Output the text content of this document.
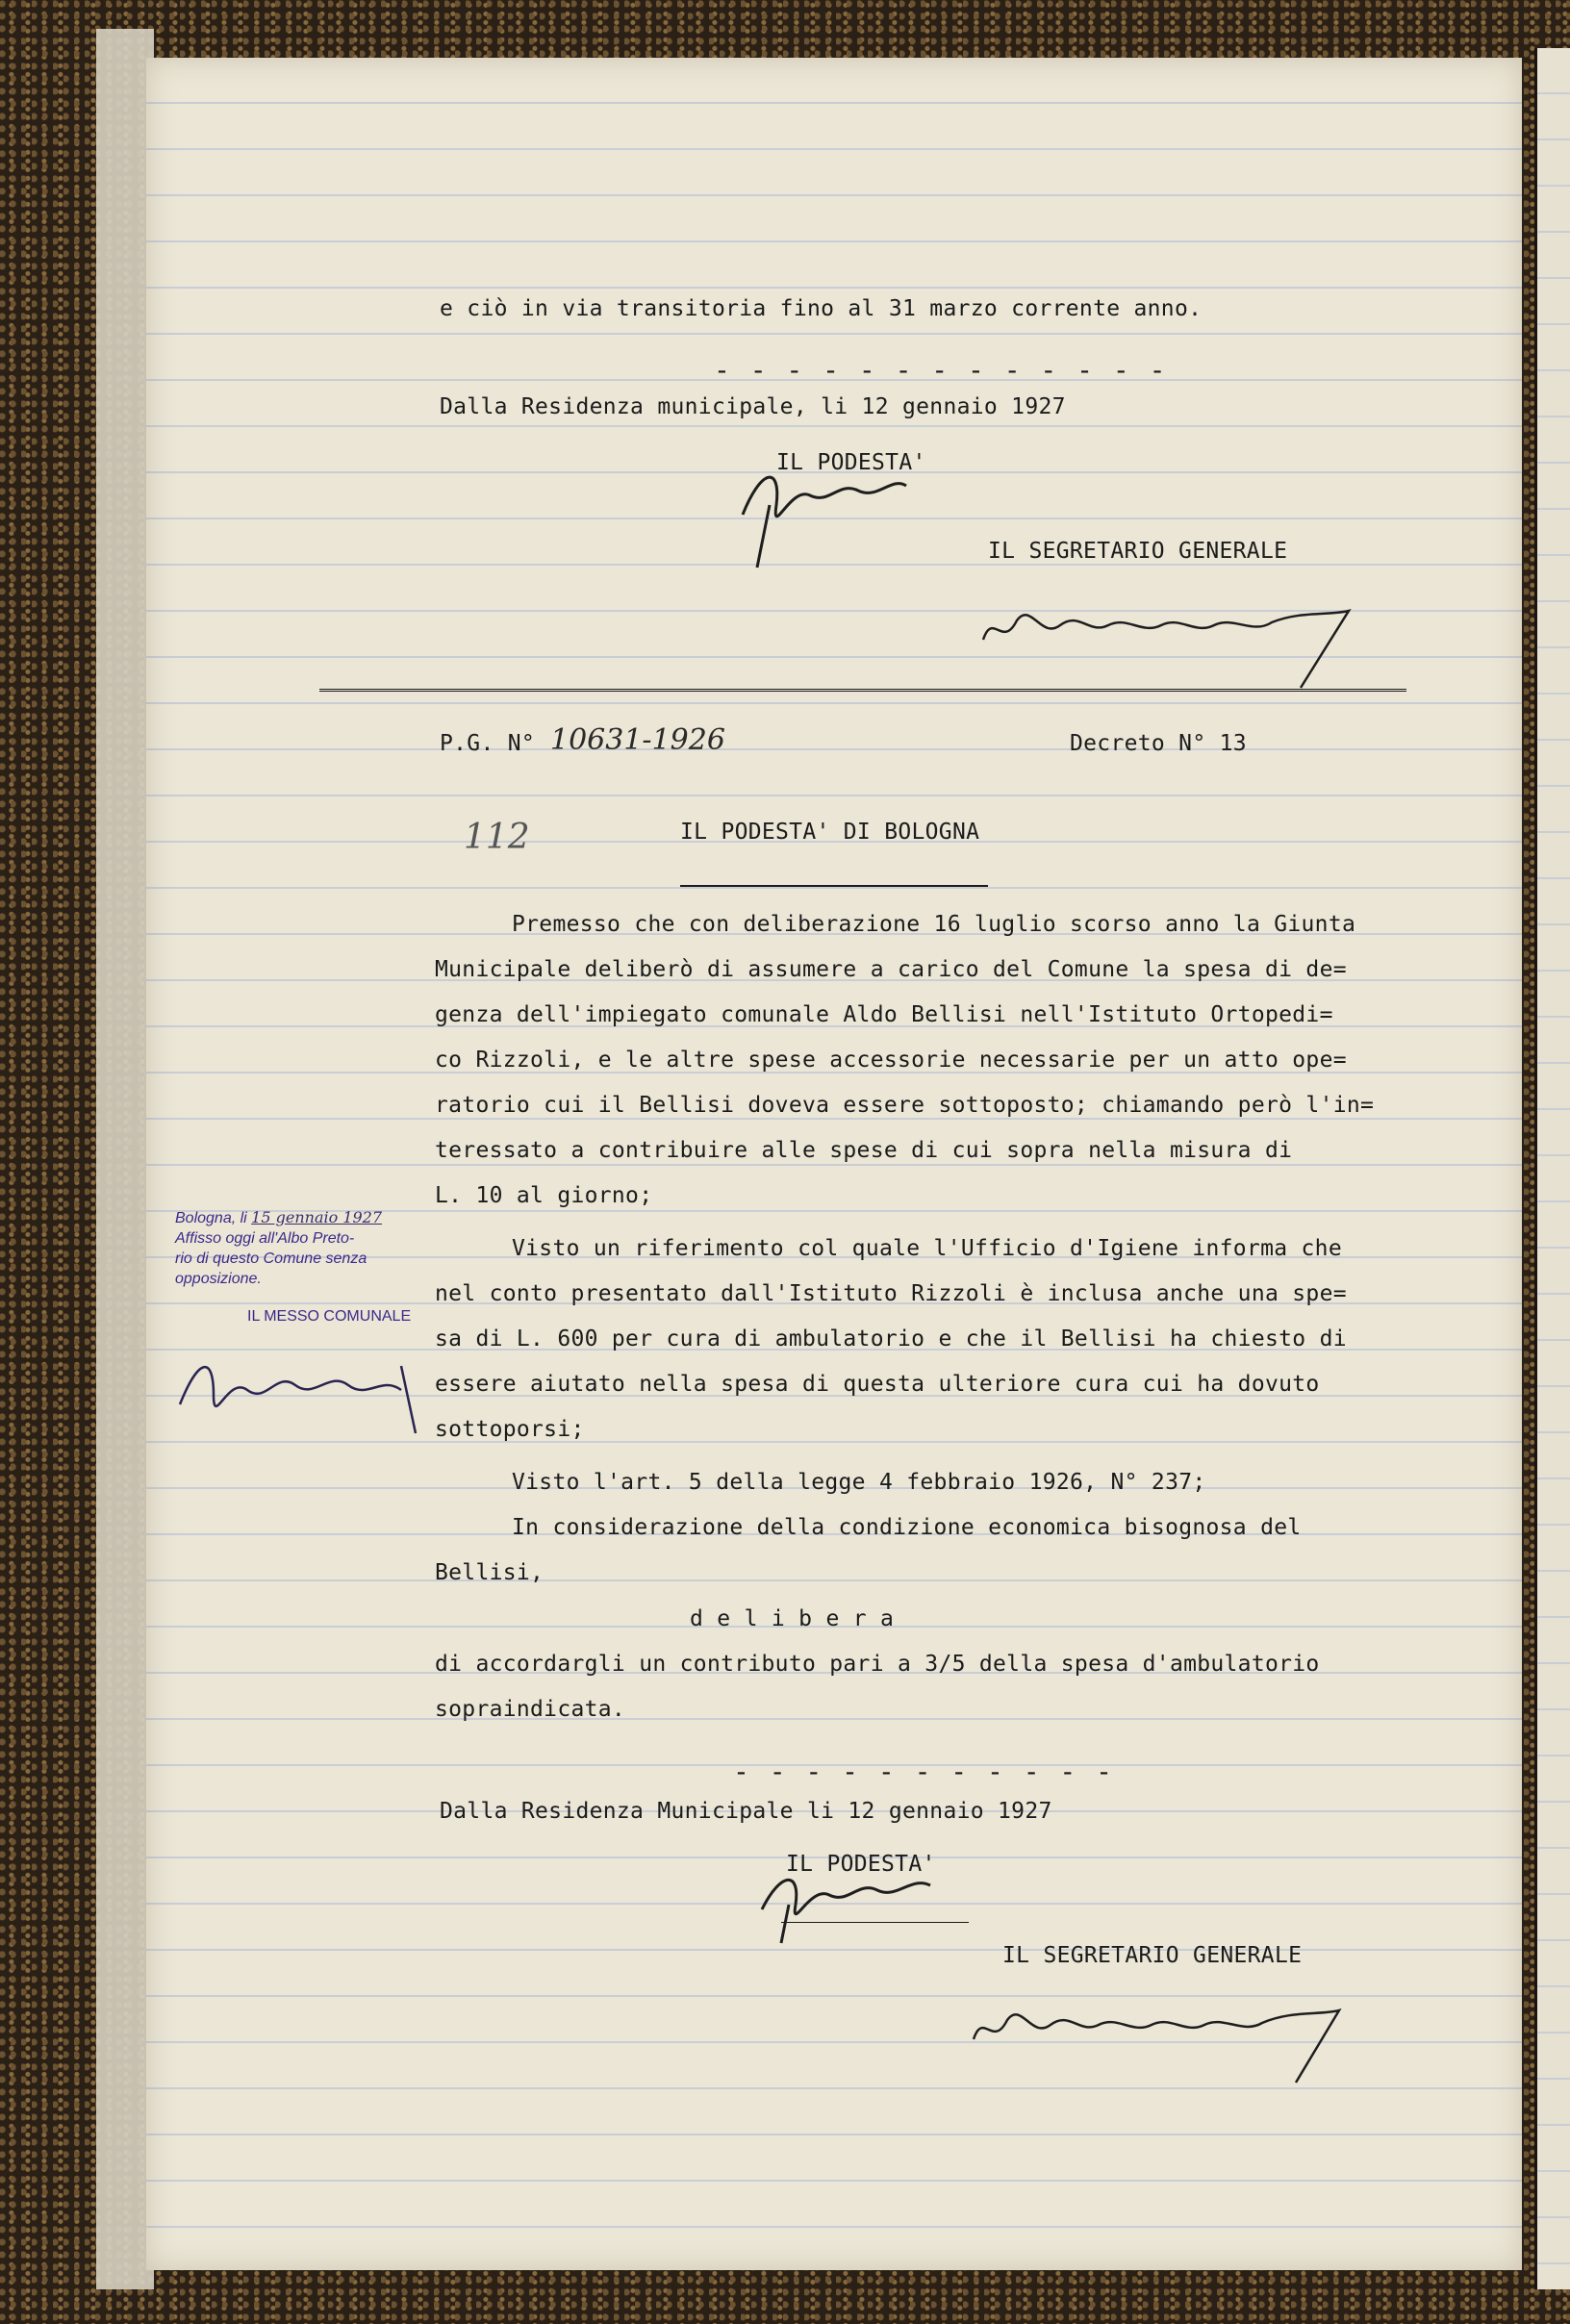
e ciò in via transitoria fino al 31 marzo corrente anno.
- - - - - - - - - - - - -
Dalla Residenza municipale, li 12 gennaio 1927
IL PODESTA'
IL SEGRETARIO GENERALE
P.G. N° 10631-1926	Decreto N° 13
112	IL PODESTA' DI BOLOGNA
Premesso che con deliberazione 16 luglio scorso anno la Giunta
Municipale deliberò di assumere a carico del Comune la spesa di de=
genza dell'impiegato comunale Aldo Bellisi nell'Istituto Ortopedi=
co Rizzoli, e le altre spese accessorie necessarie per un atto ope=
ratorio cui il Bellisi doveva essere sottoposto; chiamando però l'in=
teressato a contribuire alle spese di cui sopra nella misura di
L. 10 al giorno;
Visto un riferimento col quale l'Ufficio d'Igiene informa che
nel conto presentato dall'Istituto Rizzoli è inclusa anche una spe=
sa di L. 600 per cura di ambulatorio e che il Bellisi ha chiesto di
essere aiutato nella spesa di questa ulteriore cura cui ha dovuto
sottoporsi;
Visto l'art. 5 della legge 4 febbraio 1926, N° 237;
In considerazione della condizione economica bisognosa del
Bellisi,
d e l i b e r a
di accordargli un contributo pari a 3/5 della spesa d'ambulatorio
sopraindicata.
- - - - - - - - - - -
Dalla Residenza Municipale li 12 gennaio 1927
IL PODESTA'
IL SEGRETARIO GENERALE
Bologna, li 15 gennaio 1927
Affisso oggi all'Albo Preto-
rio di questo Comune senza
opposizione.
IL MESSO COMUNALE
